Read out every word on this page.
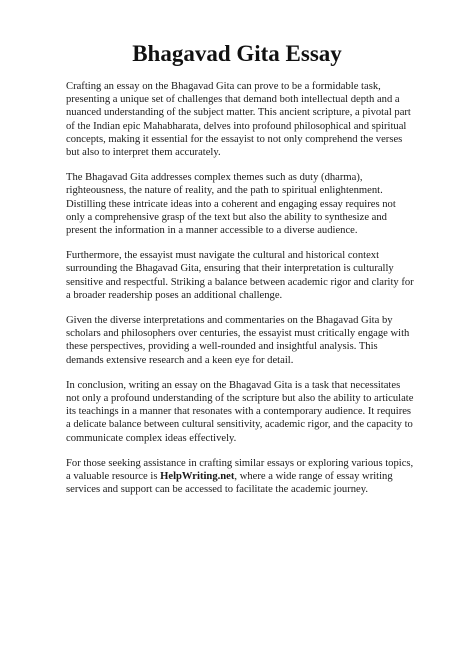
Bhagavad Gita Essay

Crafting an essay on the Bhagavad Gita can prove to be a formidable task, presenting a unique set of challenges that demand both intellectual depth and a nuanced understanding of the subject matter. This ancient scripture, a pivotal part of the Indian epic Mahabharata, delves into profound philosophical and spiritual concepts, making it essential for the essayist to not only comprehend the verses but also to interpret them accurately.

The Bhagavad Gita addresses complex themes such as duty (dharma), righteousness, the nature of reality, and the path to spiritual enlightenment. Distilling these intricate ideas into a coherent and engaging essay requires not only a comprehensive grasp of the text but also the ability to synthesize and present the information in a manner accessible to a diverse audience.

Furthermore, the essayist must navigate the cultural and historical context surrounding the Bhagavad Gita, ensuring that their interpretation is culturally sensitive and respectful. Striking a balance between academic rigor and clarity for a broader readership poses an additional challenge.

Given the diverse interpretations and commentaries on the Bhagavad Gita by scholars and philosophers over centuries, the essayist must critically engage with these perspectives, providing a well-rounded and insightful analysis. This demands extensive research and a keen eye for detail.

In conclusion, writing an essay on the Bhagavad Gita is a task that necessitates not only a profound understanding of the scripture but also the ability to articulate its teachings in a manner that resonates with a contemporary audience. It requires a delicate balance between cultural sensitivity, academic rigor, and the capacity to communicate complex ideas effectively.

For those seeking assistance in crafting similar essays or exploring various topics, a valuable resource is HelpWriting.net, where a wide range of essay writing services and support can be accessed to facilitate the academic journey.
